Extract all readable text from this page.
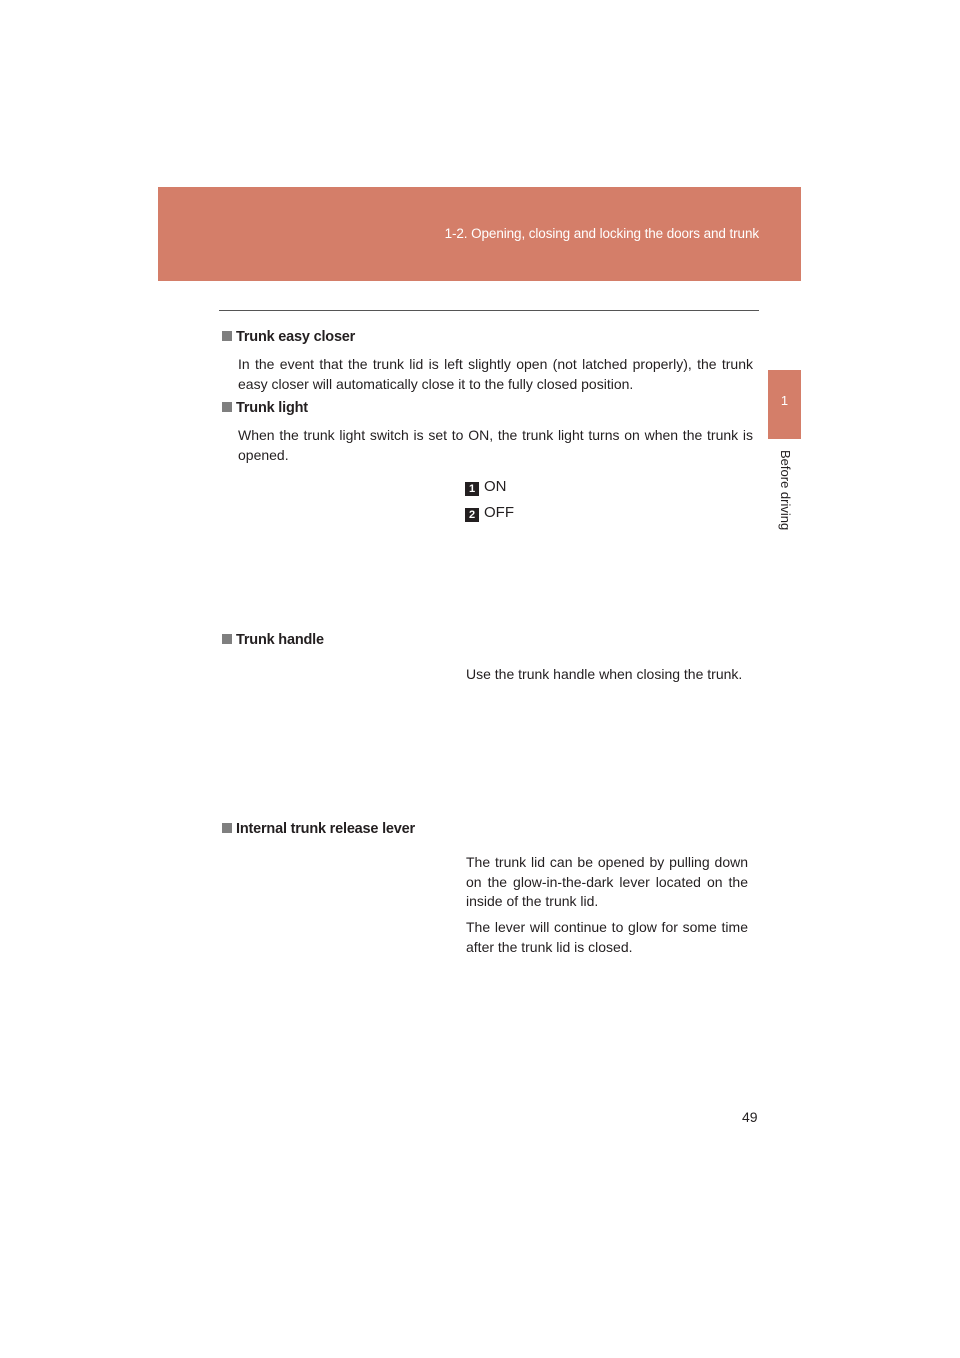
1-2. Opening, closing and locking the doors and trunk
1
Before driving
Trunk easy closer
In the event that the trunk lid is left slightly open (not latched properly), the trunk easy closer will automatically close it to the fully closed position.
Trunk light
When the trunk light switch is set to ON, the trunk light turns on when the trunk is opened.
1 ON
2 OFF
Trunk handle
Use the trunk handle when closing the trunk.
Internal trunk release lever
The trunk lid can be opened by pulling down on the glow-in-the-dark lever located on the inside of the trunk lid.
The lever will continue to glow for some time after the trunk lid is closed.
49
